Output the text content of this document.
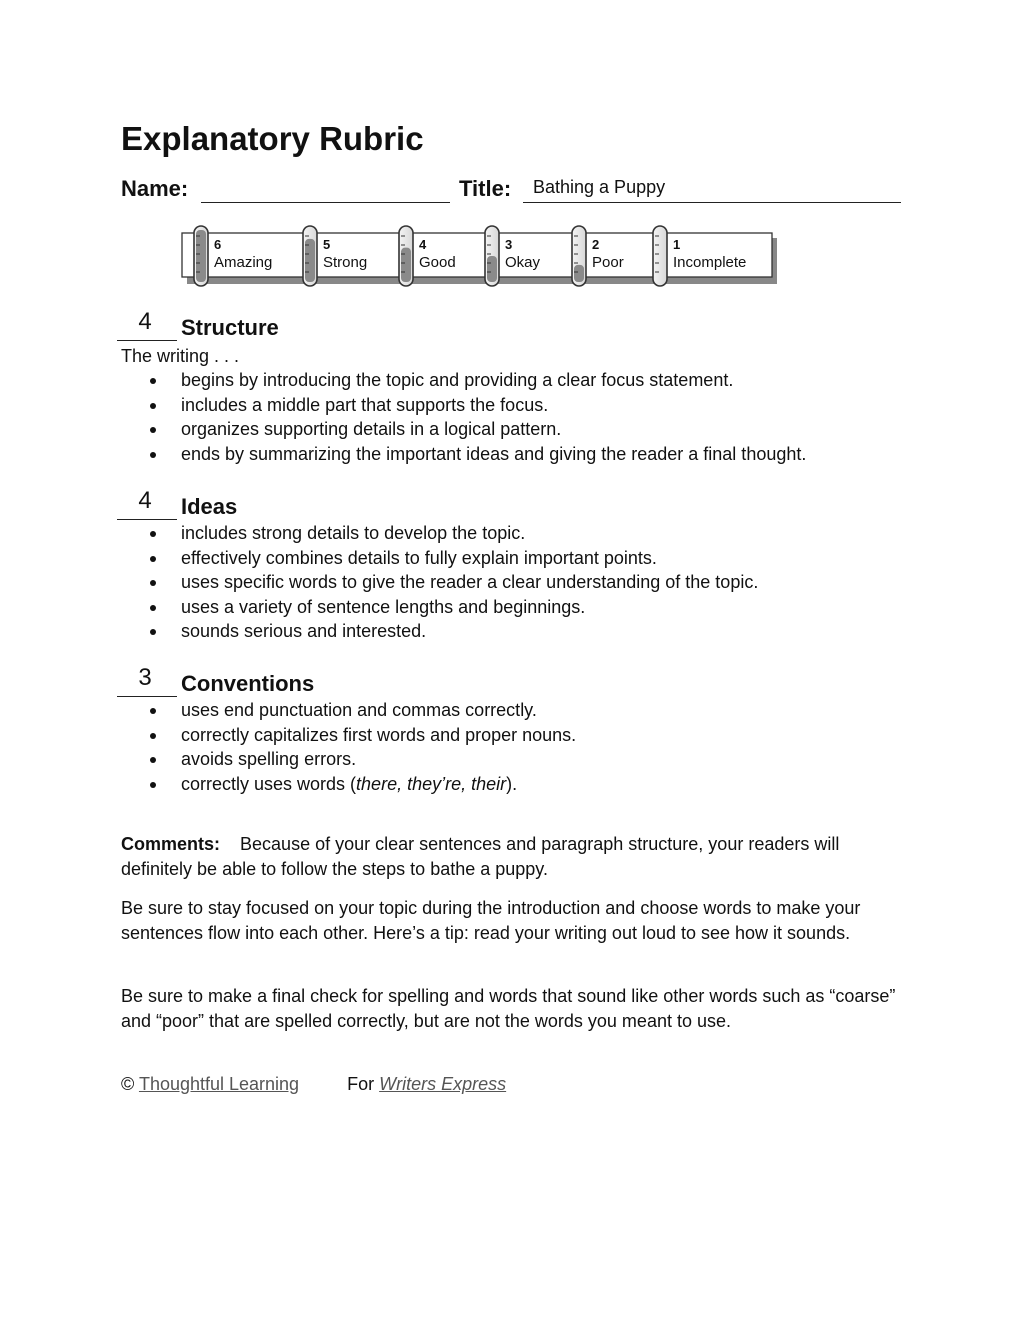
Explanatory Rubric
Name:	Title: Bathing a Puppy
6
Amazing
5
Strong
4
Good
3
Okay
2
Poor
1
Incomplete
4	Structure
The writing . . .
begins by introducing the topic and providing a clear focus statement.
includes a middle part that supports the focus.
organizes supporting details in a logical pattern.
ends by summarizing the important ideas and giving the reader a final thought.
4	Ideas
includes strong details to develop the topic.
effectively combines details to fully explain important points.
uses specific words to give the reader a clear understanding of the topic.
uses a variety of sentence lengths and beginnings.
sounds serious and interested.
3	Conventions
uses end punctuation and commas correctly.
correctly capitalizes first words and proper nouns.
avoids spelling errors.
correctly uses words (there, they’re, their).

Comments: Because of your clear sentences and paragraph structure, your readers will definitely be able to follow the steps to bathe a puppy.

Be sure to stay focused on your topic during the introduction and choose words to make your sentences flow into each other. Here’s a tip: read your writing out loud to see how it sounds.

Be sure to make a final check for spelling and words that sound like other words such as “coarse” and “poor” that are spelled correctly, but are not the words you meant to use.

© Thoughtful Learning	For Writers Express
